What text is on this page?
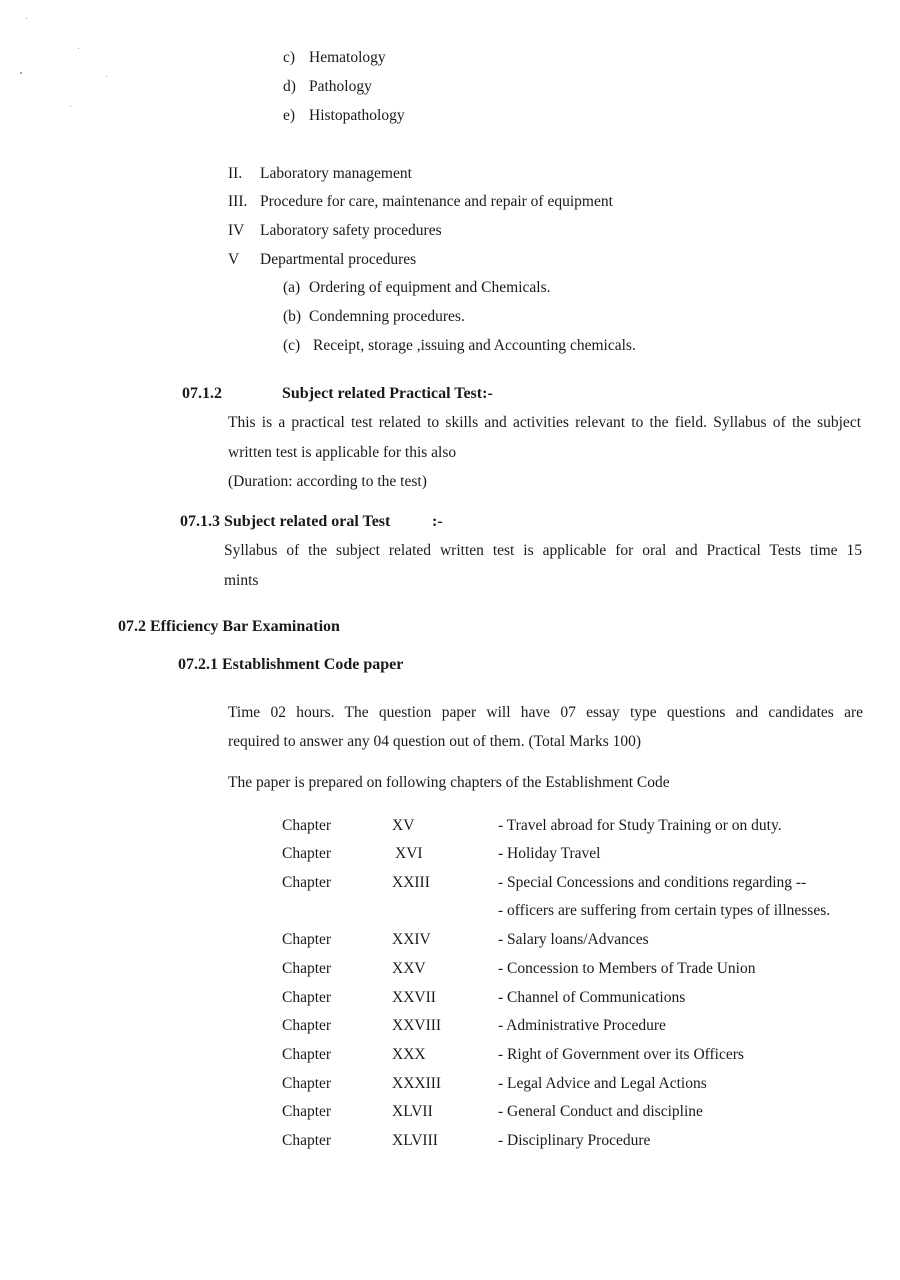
c) Hematology
d) Pathology
e) Histopathology
II. Laboratory management
III. Procedure for care, maintenance and repair of equipment
IV Laboratory safety procedures
V Departmental procedures
(a) Ordering of equipment and Chemicals.
(b) Condemning procedures.
(c) Receipt, storage ,issuing and Accounting chemicals.
07.1.2	Subject related Practical Test:-
This is a practical test related to skills and activities relevant to the field. Syllabus of the subject
written test is applicable for this also
(Duration: according to the test)
07.1.3 Subject related oral Test	:-
Syllabus of the subject related written test is applicable for oral and Practical Tests time 15
mints
07.2 Efficiency Bar Examination
07.2.1 Establishment Code paper
Time 02 hours. The question paper will have 07 essay type questions and candidates are
required to answer any 04 question out of them. (Total Marks 100)
The paper is prepared on following chapters of the Establishment Code
Chapter	XV	- Travel abroad for Study Training or on duty.
Chapter	XVI	- Holiday Travel
Chapter	XXIII	- Special Concessions and conditions regarding --
- officers are suffering from certain types of illnesses.
Chapter	XXIV	- Salary loans/Advances
Chapter	XXV	- Concession to Members of Trade Union
Chapter	XXVII	- Channel of Communications
Chapter	XXVIII	- Administrative Procedure
Chapter	XXX	- Right of Government over its Officers
Chapter	XXXIII	- Legal Advice and Legal Actions
Chapter	XLVII	- General Conduct and discipline
Chapter	XLVIII	- Disciplinary Procedure
